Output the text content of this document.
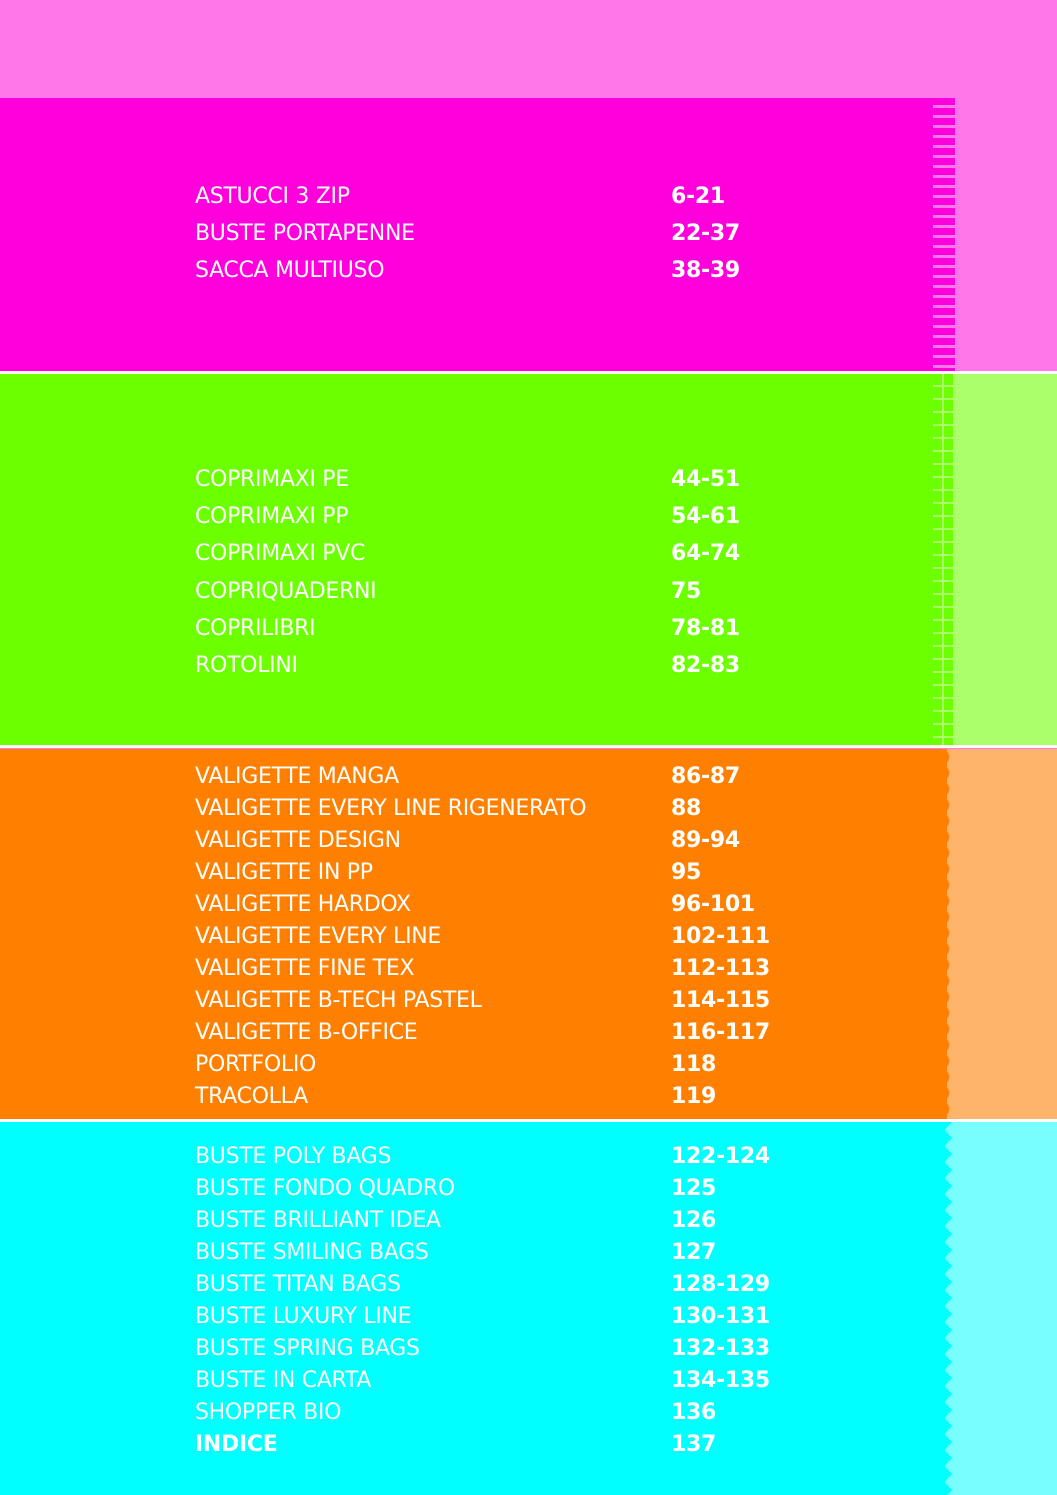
ASTUCCI 3 ZIP	6-21
BUSTE PORTAPENNE	22-37
SACCA MULTIUSO	38-39
COPRIMAXI PE	44-51
COPRIMAXI PP	54-61
COPRIMAXI PVC	64-74
COPRIQUADERNI	75
COPRILIBRI	78-81
ROTOLINI	82-83
VALIGETTE MANGA	86-87
VALIGETTE EVERY LINE RIGENERATO	88
VALIGETTE DESIGN	89-94
VALIGETTE IN PP	95
VALIGETTE HARDOX	96-101
VALIGETTE EVERY LINE	102-111
VALIGETTE FINE TEX	112-113
VALIGETTE B-TECH PASTEL	114-115
VALIGETTE B-OFFICE	116-117
PORTFOLIO	118
TRACOLLA	119
BUSTE POLY BAGS	122-124
BUSTE FONDO QUADRO	125
BUSTE BRILLIANT IDEA	126
BUSTE SMILING BAGS	127
BUSTE TITAN BAGS	128-129
BUSTE LUXURY LINE	130-131
BUSTE SPRING BAGS	132-133
BUSTE IN CARTA	134-135
SHOPPER BIO	136
INDICE	137
